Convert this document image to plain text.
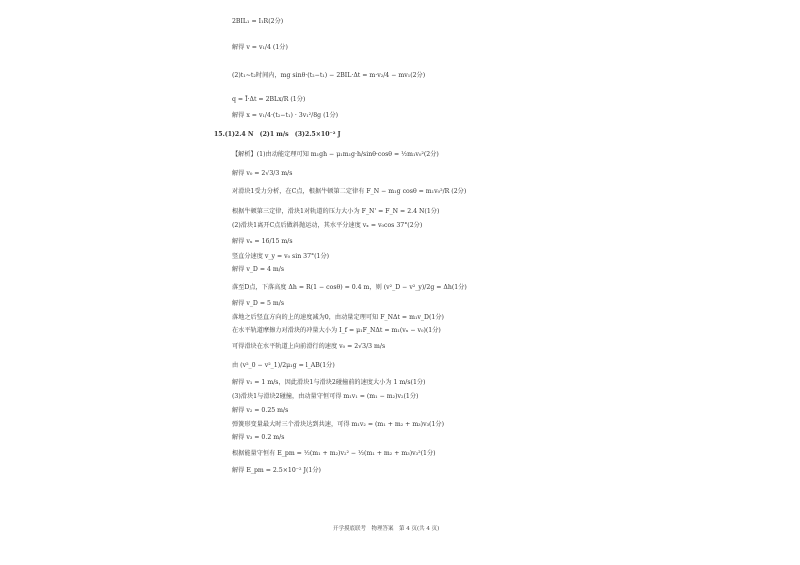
2BIL₁ = I₁R(2分)
解得 v = v₁/4 (1分)
(2)t₁~t₂时间内，mg sinθ·(t₂−t₁) − 2BIL·Δt = m·v₂/4 − mv₁(2分)
q = Ī·Δt = 2BLx/R (1分)
解得 x = v₁/4·(t₂−t₁) · 3v₁²/8g (1分)
15.(1)2.4 N　(2)1 m/s　(3)2.5×10⁻² J
【解析】(1)由动能定理可知 m₁gh − μ₁m₁g·h/sinθ·cosθ = ½m₁v₀²(2分)
解得 v₀ = 2√3/3 m/s
对滑块1受力分析，在C点，根据牛顿第二定律有 F_N − m₁g cosθ = m₁v₀²/R (2分)
根据牛顿第三定律，滑块1对轨道的压力大小为 F_N' = F_N = 2.4 N(1分)
(2)滑块1离开C点后做斜抛运动，其水平分速度 vₓ = v₀cos 37°(2分)
解得 vₓ = 16/15 m/s
竖直分速度 v_y = v₀ sin 37°(1分)
解得 v_D = 4 m/s
落至D点，下落高度 Δh = R(1 − cosθ) = 0.4 m，则 (v²_D − v²_y)/2g = Δh(1分)
解得 v_D = 5 m/s
落地之后竖直方向的上的速度减为0，由动量定理可知 F_NΔt = m₁v_D(1分)
在水平轨道摩擦力对滑块的冲量大小为 I_f = μ₁F_NΔt = m₁(vₓ − v₀)(1分)
可得滑块在水平轨道上向前滑行的速度 v₀ = 2√3/3 m/s
由 (v²_0 − v²_1)/2μ₁g = l_AB(1分)
解得 v₁ = 1 m/s，因此滑块1与滑块2碰撞前的速度大小为 1 m/s(1分)
(3)滑块1与滑块2碰撞，由动量守恒可得 m₁v₁ = (m₁ − m₂)v₂(1分)
解得 v₂ = 0.25 m/s
弹簧形变量最大时三个滑块达到共速，可得 m₁v₂ = (m₁ + m₂ + m₃)v₃(1分)
解得 v₃ = 0.2 m/s
根据能量守恒有 E_pm = ½(m₁ + m₂)v₂² − ½(m₁ + m₂ + m₃)v₃²(1分)
解得 E_pm = 2.5×10⁻² J(1分)
开学摸底联考　物理答案　第 4 页(共 4 页)
